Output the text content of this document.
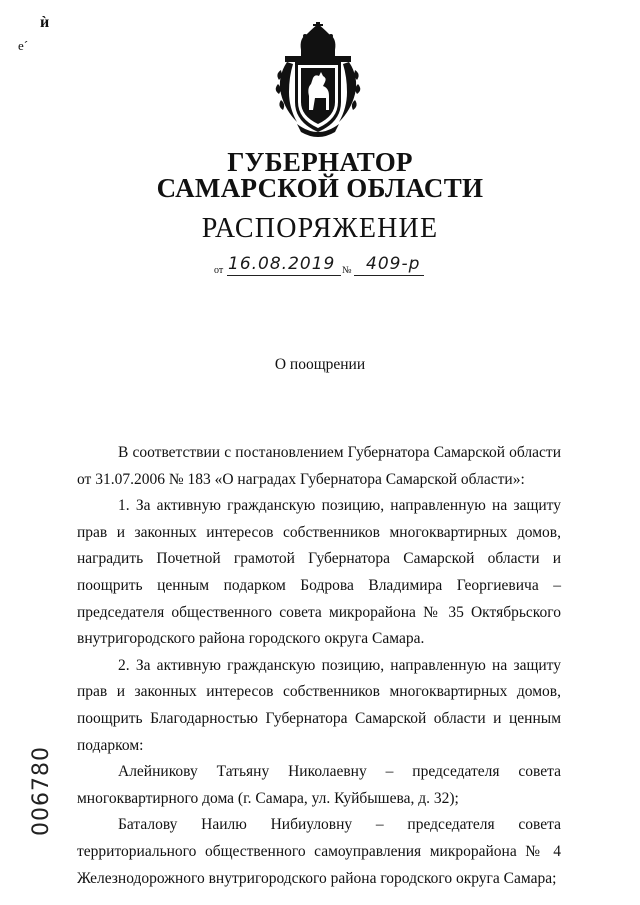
ѝ
е´
ГУБЕРНАТОР
САМАРСКОЙ ОБЛАСТИ
РАСПОРЯЖЕНИЕ
от 16.08.2019 № 409-р
О поощрении

В соответствии с постановлением Губернатора Самарской области

от 31.07.2006 № 183 «О наградах Губернатора Самарской области»:

1. За активную гражданскую позицию, направленную на защиту прав и законных интересов собственников многоквартирных домов, наградить Почетной грамотой Губернатора Самарской области и поощрить ценным подарком Бодрова Владимира Георгиевича – председателя общественного совета микрорайона № 35 Октябрьского внутригородского района городского округа Самара.

2. За активную гражданскую позицию, направленную на защиту прав и законных интересов собственников многоквартирных домов, поощрить Благодарностью Губернатора Самарской области и ценным подарком:

Алейникову Татьяну Николаевну – председателя совета многоквартирного дома (г. Самара, ул. Куйбышева, д. 32);

Баталову Наилю Нибиуловну – председателя совета территориального общественного самоуправления микрорайона № 4 Железнодорожного внутригородского района городского округа Самара;

006780
